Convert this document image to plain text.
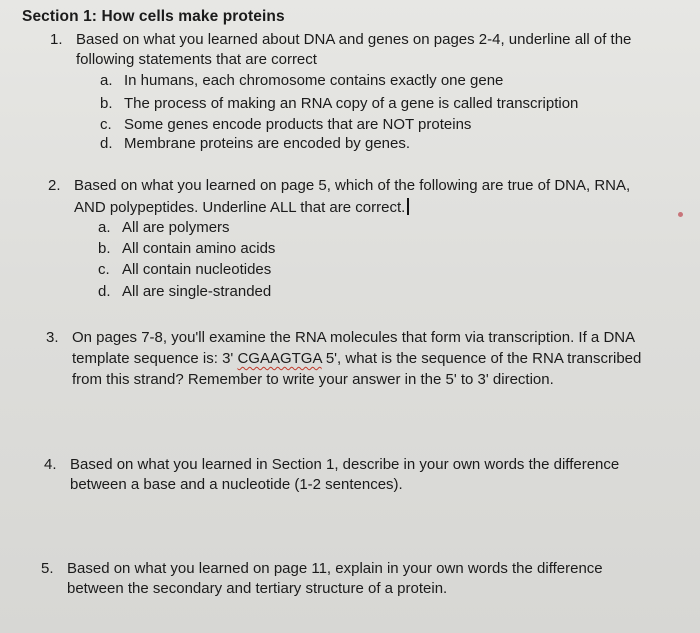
Section 1: How cells make proteins
1. Based on what you learned about DNA and genes on pages 2-4, underline all of the
following statements that are correct
a. In humans, each chromosome contains exactly one gene
b. The process of making an RNA copy of a gene is called transcription
c. Some genes encode products that are NOT proteins
d. Membrane proteins are encoded by genes.
2. Based on what you learned on page 5, which of the following are true of DNA, RNA,
AND polypeptides. Underline ALL that are correct.
a. All are polymers
b. All contain amino acids
c. All contain nucleotides
d. All are single-stranded
3. On pages 7-8, you'll examine the RNA molecules that form via transcription. If a DNA
template sequence is: 3' CGAAGTGA 5', what is the sequence of the RNA transcribed
from this strand? Remember to write your answer in the 5' to 3' direction.
4. Based on what you learned in Section 1, describe in your own words the difference
between a base and a nucleotide (1-2 sentences).
5. Based on what you learned on page 11, explain in your own words the difference
between the secondary and tertiary structure of a protein.
